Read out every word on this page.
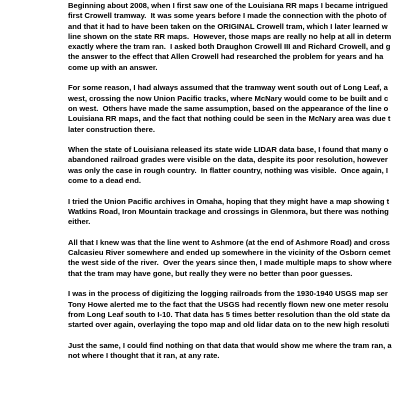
Beginning about 2008, when I first saw one of the Louisiana RR maps I became intrigued
first Crowell tramway.  It was some years before I made the connection with the photo of
and that it had to have been taken on the ORIGINAL Crowell tram, which I later learned w
line shown on the state RR maps.  However, those maps are really no help at all in determ
exactly where the tram ran.  I asked both Draughon Crowell III and Richard Crowell, and g
the answer to the effect that Allen Crowell had researched the problem for years and ha
come up with an answer.

For some reason, I had always assumed that the tramway went south out of Long Leaf, a
west, crossing the now Union Pacific tracks, where McNary would come to be built and c
on west.  Others have made the same assumption, based on the appearance of the line o
Louisiana RR maps, and the fact that nothing could be seen in the McNary area was due t
later construction there.

When the state of Louisiana released its state wide LIDAR data base, I found that many o
abandoned railroad grades were visible on the data, despite its poor resolution, however
was only the case in rough country.  In flatter country, nothing was visible.  Once again, I
come to a dead end.

I tried the Union Pacific archives in Omaha, hoping that they might have a map showing t
Watkins Road, Iron Mountain trackage and crossings in Glenmora, but there was nothing
either.

All that I knew was that the line went to Ashmore (at the end of Ashmore Road) and cross
Calcasieu River somewhere and ended up somewhere in the vicinity of the Osborn cemet
the west side of the river.  Over the years since then, I made multiple maps to show where
that the tram may have gone, but really they were no better than poor guesses.

I was in the process of digitizing the logging railroads from the 1930-1940 USGS map ser
Tony Howe alerted me to the fact that the USGS had recently flown new one meter resolu
from Long Leaf south to I-10. That data has 5 times better resolution than the old state da
started over again, overlaying the topo map and old lidar data on to the new high resoluti

Just the same, I could find nothing on that data that would show me where the tram ran, a
not where I thought that it ran, at any rate.
